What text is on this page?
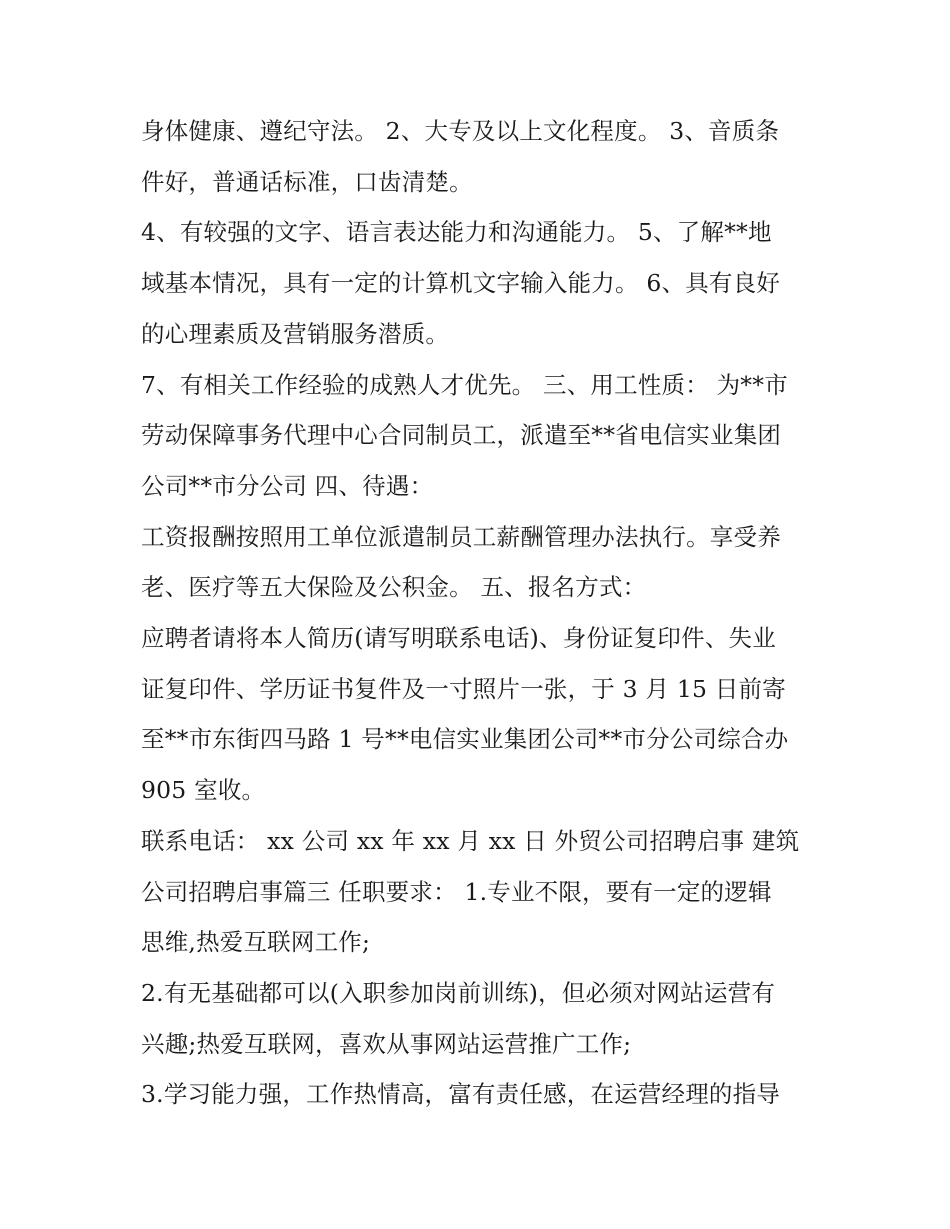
身体健康、遵纪守法。 2、大专及以上文化程度。 3、音质条

件好，普通话标准，口齿清楚。

4、有较强的文字、语言表达能力和沟通能力。 5、了解**地

域基本情况，具有一定的计算机文字输入能力。 6、具有良好

的心理素质及营销服务潜质。

7、有相关工作经验的成熟人才优先。 三、用工性质： 为**市

劳动保障事务代理中心合同制员工，派遣至**省电信实业集团

公司**市分公司 四、待遇：

工资报酬按照用工单位派遣制员工薪酬管理办法执行。享受养

老、医疗等五大保险及公积金。 五、报名方式：

应聘者请将本人简历(请写明联系电话)、身份证复印件、失业

证复印件、学历证书复件及一寸照片一张，于 3 月 15 日前寄

至**市东街四马路 1 号**电信实业集团公司**市分公司综合办

905 室收。

联系电话： xx 公司 xx 年 xx 月 xx 日 外贸公司招聘启事 建筑

公司招聘启事篇三 任职要求： 1.专业不限，要有一定的逻辑

思维,热爱互联网工作;

2.有无基础都可以(入职参加岗前训练)，但必须对网站运营有

兴趣;热爱互联网，喜欢从事网站运营推广工作;

3.学习能力强，工作热情高，富有责任感，在运营经理的指导
